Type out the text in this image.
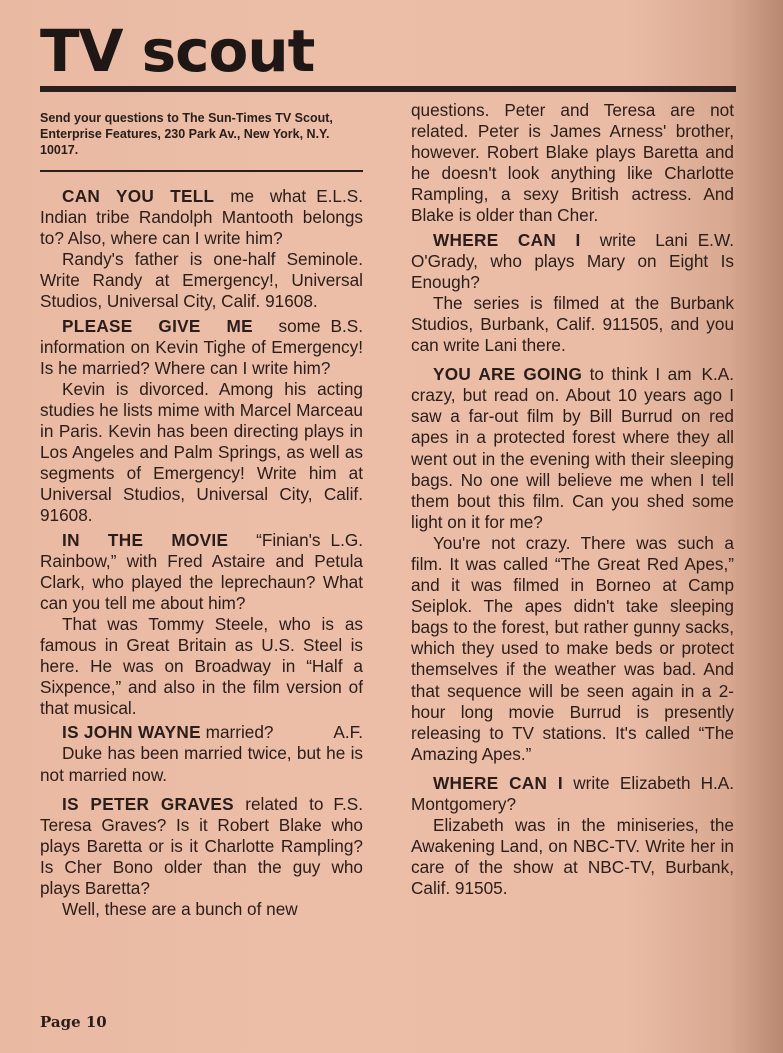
TV scout

Send your questions to The Sun-Times TV Scout, Enterprise Features, 230 Park Av., New York, N.Y. 10017.

E.L.S.
CAN YOU TELL me what Indian tribe Randolph Mantooth belongs to? Also, where can I write him?

Randy's father is one-half Seminole. Write Randy at Emergency!, Universal Studios, Universal City, Calif. 91608.

B.S.
PLEASE GIVE ME some information on Kevin Tighe of Emergency! Is he married? Where can I write him?

Kevin is divorced. Among his acting studies he lists mime with Marcel Marceau in Paris. Kevin has been directing plays in Los Angeles and Palm Springs, as well as segments of Emergency! Write him at Universal Studios, Universal City, Calif. 91608.

L.G.
IN THE MOVIE “Finian's Rainbow,” with Fred Astaire and Petula Clark, who played the leprechaun? What can you tell me about him?

That was Tommy Steele, who is as famous in Great Britain as U.S. Steel is here. He was on Broadway in “Half a Sixpence,” and also in the film version of that musical.

A.F.
IS JOHN WAYNE married?

Duke has been married twice, but he is not married now.

F.S.
IS PETER GRAVES related to Teresa Graves? Is it Robert Blake who plays Baretta or is it Charlotte Rampling? Is Cher Bono older than the guy who plays Baretta?

Well, these are a bunch of new

questions. Peter and Teresa are not related. Peter is James Arness' brother, however. Robert Blake plays Baretta and he doesn't look anything like Charlotte Rampling, a sexy British actress. And Blake is older than Cher.

E.W.
WHERE CAN I write Lani O'Grady, who plays Mary on Eight Is Enough?

The series is filmed at the Burbank Studios, Burbank, Calif. 911505, and you can write Lani there.

K.A.
YOU ARE GOING to think I am crazy, but read on. About 10 years ago I saw a far-out film by Bill Burrud on red apes in a protected forest where they all went out in the evening with their sleeping bags. No one will believe me when I tell them bout this film. Can you shed some light on it for me?

You're not crazy. There was such a film. It was called “The Great Red Apes,” and it was filmed in Borneo at Camp Seiplok. The apes didn't take sleeping bags to the forest, but rather gunny sacks, which they used to make beds or protect themselves if the weather was bad. And that sequence will be seen again in a 2-hour long movie Burrud is presently releasing to TV stations. It's called “The Amazing Apes.”

H.A.
WHERE CAN I write Elizabeth Montgomery?

Elizabeth was in the miniseries, the Awakening Land, on NBC-TV. Write her in care of the show at NBC-TV, Burbank, Calif. 91505.

Page 10
